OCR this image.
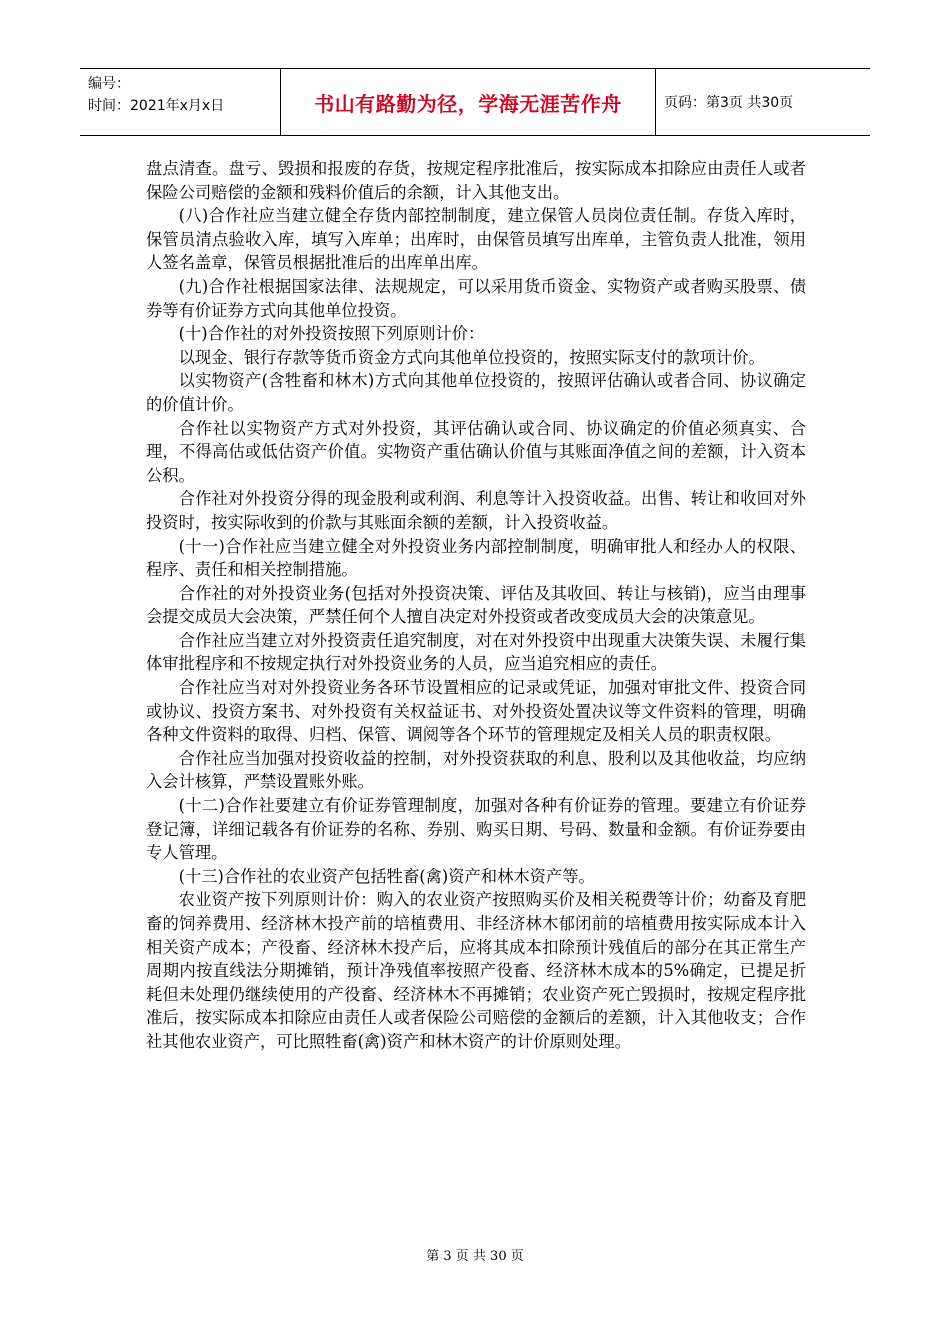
编号：
时间：2021年x月x日	书山有路勤为径，学海无涯苦作舟	页码：第3页 共30页

盘点清查。盘亏、毁损和报废的存货，按规定程序批准后，按实际成本扣除应由责任人或者保险公司赔偿的金额和残料价值后的余额，计入其他支出。

(八)合作社应当建立健全存货内部控制制度，建立保管人员岗位责任制。存货入库时，保管员清点验收入库，填写入库单；出库时，由保管员填写出库单，主管负责人批准，领用人签名盖章，保管员根据批准后的出库单出库。

(九)合作社根据国家法律、法规规定，可以采用货币资金、实物资产或者购买股票、债券等有价证券方式向其他单位投资。

(十)合作社的对外投资按照下列原则计价：

以现金、银行存款等货币资金方式向其他单位投资的，按照实际支付的款项计价。

以实物资产(含牲畜和林木)方式向其他单位投资的，按照评估确认或者合同、协议确定的价值计价。

合作社以实物资产方式对外投资，其评估确认或合同、协议确定的价值必须真实、合理，不得高估或低估资产价值。实物资产重估确认价值与其账面净值之间的差额，计入资本公积。

合作社对外投资分得的现金股利或利润、利息等计入投资收益。出售、转让和收回对外投资时，按实际收到的价款与其账面余额的差额，计入投资收益。

(十一)合作社应当建立健全对外投资业务内部控制制度，明确审批人和经办人的权限、程序、责任和相关控制措施。

合作社的对外投资业务(包括对外投资决策、评估及其收回、转让与核销)，应当由理事会提交成员大会决策，严禁任何个人擅自决定对外投资或者改变成员大会的决策意见。

合作社应当建立对外投资责任追究制度，对在对外投资中出现重大决策失误、未履行集体审批程序和不按规定执行对外投资业务的人员，应当追究相应的责任。

合作社应当对对外投资业务各环节设置相应的记录或凭证，加强对审批文件、投资合同或协议、投资方案书、对外投资有关权益证书、对外投资处置决议等文件资料的管理，明确各种文件资料的取得、归档、保管、调阅等各个环节的管理规定及相关人员的职责权限。

合作社应当加强对投资收益的控制，对外投资获取的利息、股利以及其他收益，均应纳入会计核算，严禁设置账外账。

(十二)合作社要建立有价证券管理制度，加强对各种有价证券的管理。要建立有价证券登记簿，详细记载各有价证券的名称、券别、购买日期、号码、数量和金额。有价证券要由专人管理。

(十三)合作社的农业资产包括牲畜(禽)资产和林木资产等。

农业资产按下列原则计价：购入的农业资产按照购买价及相关税费等计价；幼畜及育肥畜的饲养费用、经济林木投产前的培植费用、非经济林木郁闭前的培植费用按实际成本计入相关资产成本；产役畜、经济林木投产后，应将其成本扣除预计残值后的部分在其正常生产周期内按直线法分期摊销，预计净残值率按照产役畜、经济林木成本的5%确定，已提足折耗但未处理仍继续使用的产役畜、经济林木不再摊销；农业资产死亡毁损时，按规定程序批准后，按实际成本扣除应由责任人或者保险公司赔偿的金额后的差额，计入其他收支；合作社其他农业资产，可比照牲畜(禽)资产和林木资产的计价原则处理。

第 3 页 共 30 页
